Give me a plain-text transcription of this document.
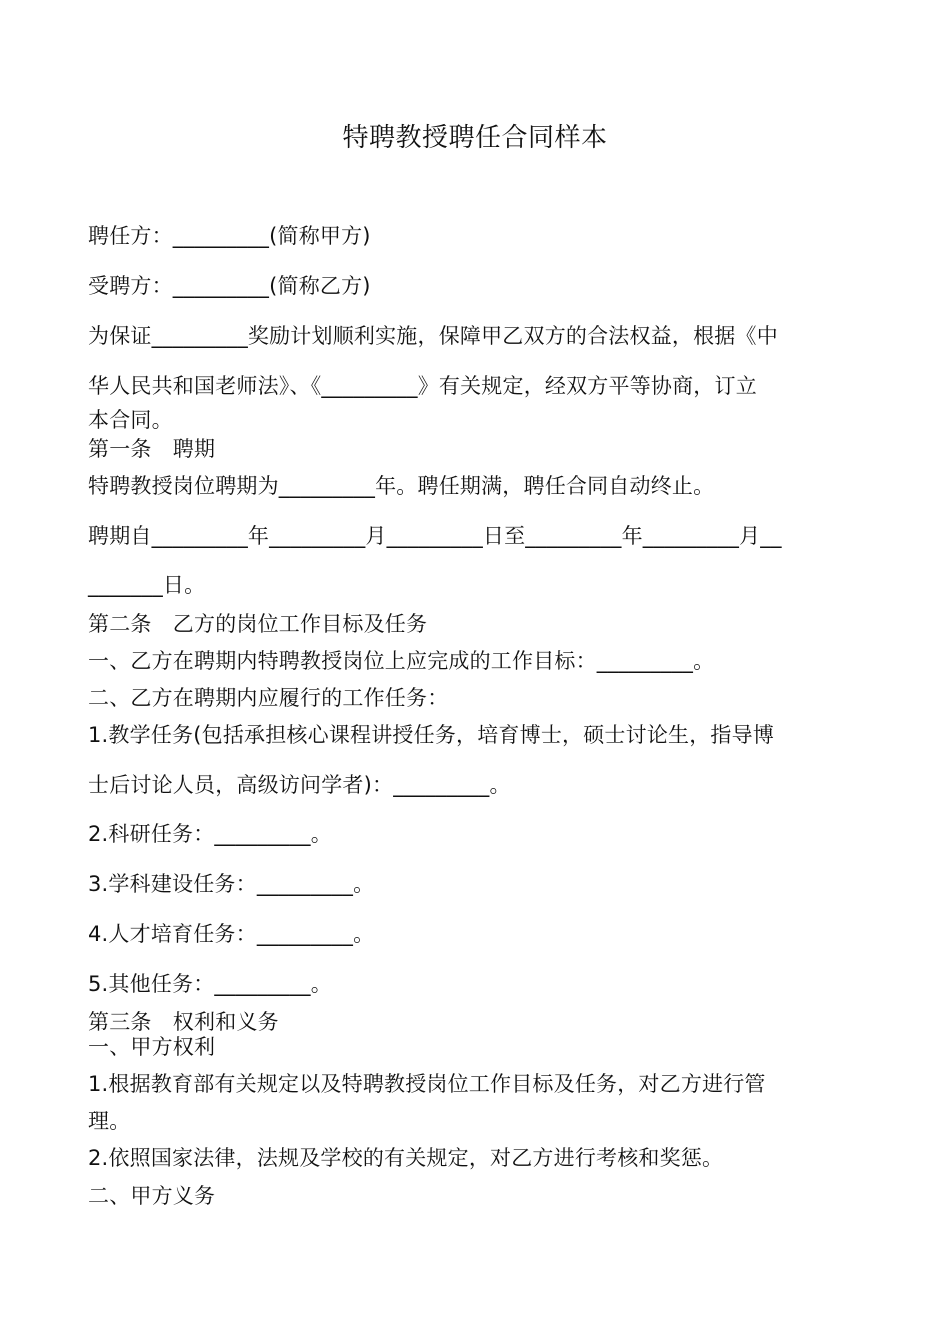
特聘教授聘任合同样本
聘任方：_________(简称甲方)
受聘方：_________(简称乙方)
为保证_________奖励计划顺利实施，保障甲乙双方的合法权益，根据《中
华人民共和国老师法》、《_________》有关规定，经双方平等协商，订立
本合同。
第一条　聘期
特聘教授岗位聘期为_________年。聘任期满，聘任合同自动终止。
聘期自_________年_________月_________日至_________年_________月__
_______日。
第二条　乙方的岗位工作目标及任务
一、乙方在聘期内特聘教授岗位上应完成的工作目标：_________。
二、乙方在聘期内应履行的工作任务：
1.教学任务(包括承担核心课程讲授任务，培育博士，硕士讨论生，指导博
士后讨论人员，高级访问学者)：_________。
2.科研任务：_________。
3.学科建设任务：_________。
4.人才培育任务：_________。
5.其他任务：_________。
第三条　权利和义务
一、甲方权利
1.根据教育部有关规定以及特聘教授岗位工作目标及任务，对乙方进行管
理。
2.依照国家法律，法规及学校的有关规定，对乙方进行考核和奖惩。
二、甲方义务
